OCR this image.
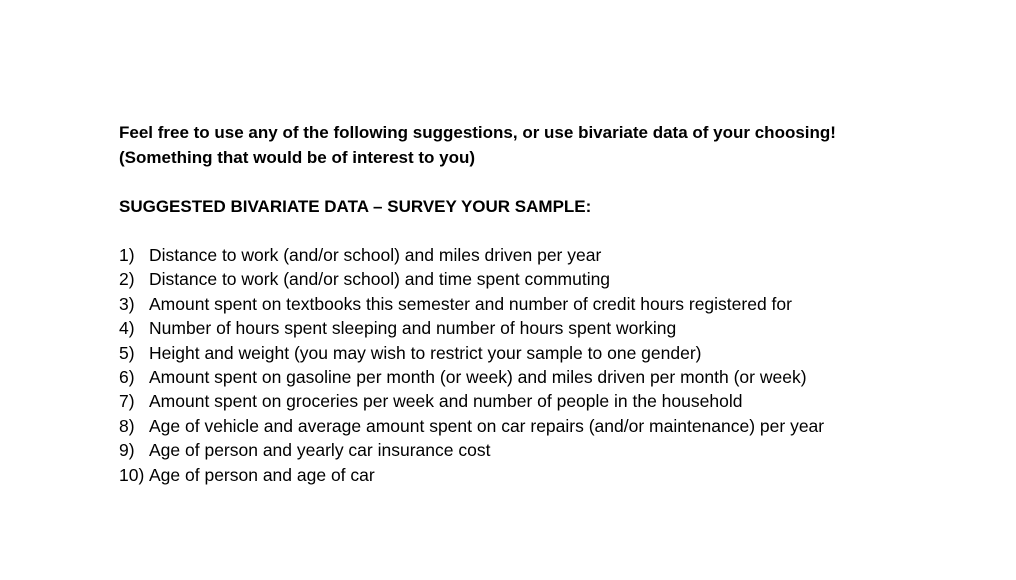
Feel free to use any of the following suggestions, or use bivariate data of your choosing!

(Something that would be of interest to you)

SUGGESTED BIVARIATE DATA – SURVEY YOUR SAMPLE:

1) Distance to work (and/or school) and miles driven per year
2) Distance to work (and/or school) and time spent commuting
3) Amount spent on textbooks this semester and number of credit hours registered for
4) Number of hours spent sleeping and number of hours spent working
5) Height and weight (you may wish to restrict your sample to one gender)
6) Amount spent on gasoline per month (or week) and miles driven per month (or week)
7) Amount spent on groceries per week and number of people in the household
8) Age of vehicle and average amount spent on car repairs (and/or maintenance) per year
9) Age of person and yearly car insurance cost
10) Age of person and age of car
